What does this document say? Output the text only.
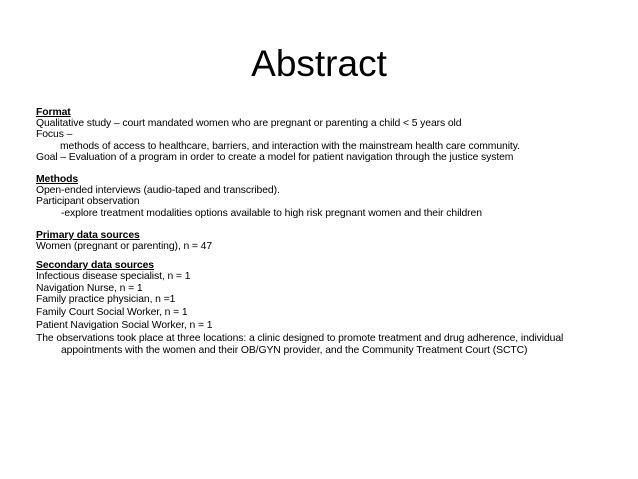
Abstract
Format
Qualitative study – court mandated women who are pregnant or parenting a child < 5 years old
Focus –
methods of access to healthcare, barriers, and interaction with the mainstream health care community.
Goal – Evaluation of a program in order to create a model for patient navigation through the justice system
Methods
Open-ended interviews (audio-taped and transcribed).
Participant observation
-explore treatment modalities options available to high risk pregnant women and their children
Primary data sources
Women (pregnant or parenting), n = 47
Secondary data sources
Infectious disease specialist, n = 1
Navigation Nurse, n = 1
Family practice physician, n =1
Family Court Social Worker, n = 1
Patient Navigation Social Worker, n = 1
The observations took place at three locations: a clinic designed to promote treatment and drug adherence, individual appointments with the women and their OB/GYN provider, and the Community Treatment Court (SCTC)
